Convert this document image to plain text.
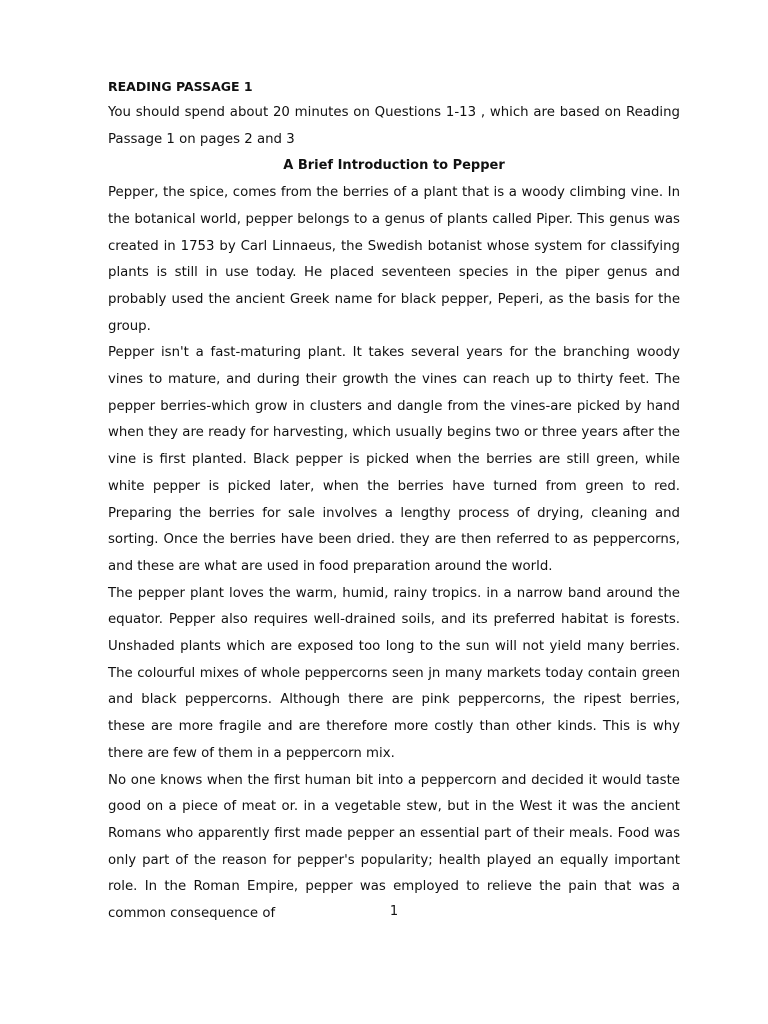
READING PASSAGE 1

You should spend about 20 minutes on Questions 1-13 , which are based on Reading Passage 1 on pages 2 and 3

A Brief Introduction to Pepper

Pepper, the spice, comes from the berries of a plant that is a woody climbing vine. In the botanical world, pepper belongs to a genus of plants called Piper. This genus was created in 1753 by Carl Linnaeus, the Swedish botanist whose system for classifying plants is still in use today. He placed seventeen species in the piper genus and probably used the ancient Greek name for black pepper, Peperi, as the basis for the group.

Pepper isn't a fast-maturing plant. It takes several years for the branching woody vines to mature, and during their growth the vines can reach up to thirty feet. The pepper berries-which grow in clusters and dangle from the vines-are picked by hand when they are ready for harvesting, which usually begins two or three years after the vine is first planted. Black pepper is picked when the berries are still green, while white pepper is picked later, when the berries have turned from green to red. Preparing the berries for sale involves a lengthy process of drying, cleaning and sorting. Once the berries have been dried. they are then referred to as peppercorns, and these are what are used in food preparation around the world.

The pepper plant loves the warm, humid, rainy tropics. in a narrow band around the equator. Pepper also requires well-drained soils, and its preferred habitat is forests. Unshaded plants which are exposed too long to the sun will not yield many berries. The colourful mixes of whole peppercorns seen jn many markets today contain green and black peppercorns. Although there are pink peppercorns, the ripest berries, these are more fragile and are therefore more costly than other kinds. This is why there are few of them in a peppercorn mix.

No one knows when the first human bit into a peppercorn and decided it would taste good on a piece of meat or. in a vegetable stew, but in the West it was the ancient Romans who apparently first made pepper an essential part of their meals. Food was only part of the reason for pepper's popularity; health played an equally important role. In the Roman Empire, pepper was employed to relieve the pain that was a common consequence of	1
